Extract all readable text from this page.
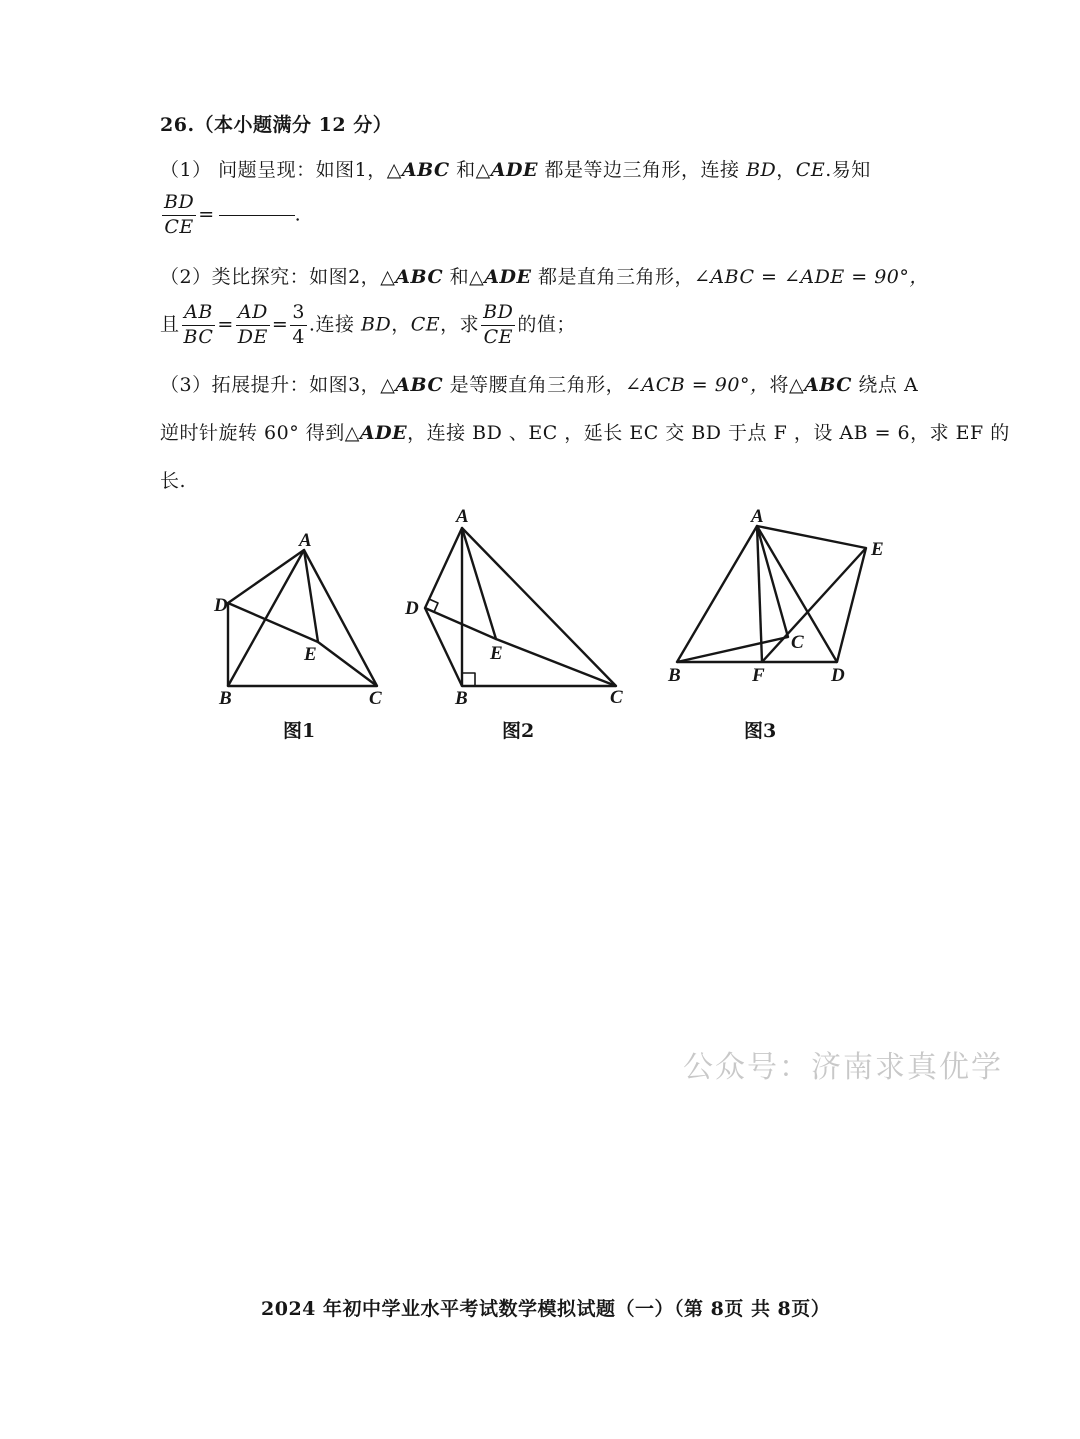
26.（本小题满分 12 分）
（1） 问题呈现：如图1，△ABC 和△ADE 都是等边三角形，连接 BD，CE.易知
$\frac{BD}{CE}$ =	.
（2）类比探究：如图2，△ABC 和△ADE 都是直角三角形，∠ABC = ∠ADE = 90°，
且 $\frac{AB}{BC} = \frac{AD}{DE} = \frac{3}{4}$ .连接 BD，CE，求 $\frac{BD}{CE}$ 的值；
（3）拓展提升：如图3，△ABC 是等腰直角三角形，∠ACB = 90°，将△ABC 绕点 A
逆时针旋转 60° 得到△ADE，连接 BD 、EC ，延长 EC 交 BD 于点 F ，设 AB = 6，求 EF 的
长.
A
D
E
B	C
图1
A
D
E
B	C
图2
A
E
C
B	F	D
图3
2024 年初中学业水平考试数学模拟试题（一）（第 8页 共 8页）
公众号：济南求真优学
